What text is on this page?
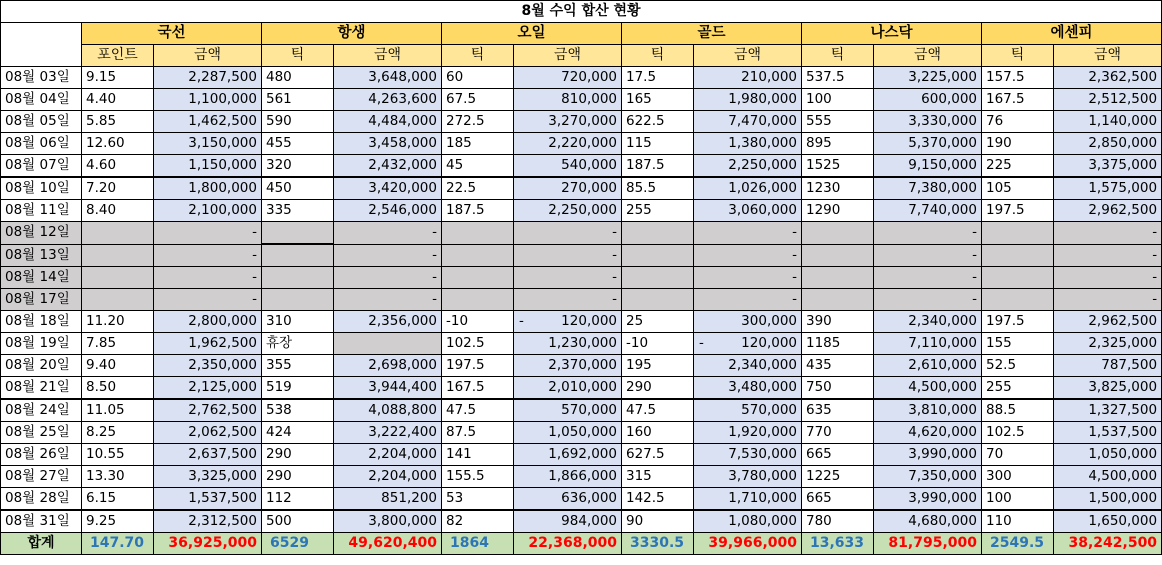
8월 수익 합산 현황												
	국선		항생		오일		골드		나스닥		에센피	
	포인트	금액	틱	금액	틱	금액	틱	금액	틱	금액	틱	금액
08월 03일	9.15	2,287,500	480	3,648,000	60	720,000	17.5	210,000	537.5	3,225,000	157.5	2,362,500
08월 04일	4.40	1,100,000	561	4,263,600	67.5	810,000	165	1,980,000	100	600,000	167.5	2,512,500
08월 05일	5.85	1,462,500	590	4,484,000	272.5	3,270,000	622.5	7,470,000	555	3,330,000	76	1,140,000
08월 06일	12.60	3,150,000	455	3,458,000	185	2,220,000	115	1,380,000	895	5,370,000	190	2,850,000
08월 07일	4.60	1,150,000	320	2,432,000	45	540,000	187.5	2,250,000	1525	9,150,000	225	3,375,000
08월 10일	7.20	1,800,000	450	3,420,000	22.5	270,000	85.5	1,026,000	1230	7,380,000	105	1,575,000
08월 11일	8.40	2,100,000	335	2,546,000	187.5	2,250,000	255	3,060,000	1290	7,740,000	197.5	2,962,500
08월 12일		-		-		-		-		-		-
08월 13일		-		-		-		-		-		-
08월 14일		-		-		-		-		-		-
08월 17일		-		-		-		-		-		-
08월 18일	11.20	2,800,000	310	2,356,000	-10	- 120,000	25	300,000	390	2,340,000	197.5	2,962,500
08월 19일	7.85	1,962,500	휴장		102.5	1,230,000	-10	- 120,000	1185	7,110,000	155	2,325,000
08월 20일	9.40	2,350,000	355	2,698,000	197.5	2,370,000	195	2,340,000	435	2,610,000	52.5	787,500
08월 21일	8.50	2,125,000	519	3,944,400	167.5	2,010,000	290	3,480,000	750	4,500,000	255	3,825,000
08월 24일	11.05	2,762,500	538	4,088,800	47.5	570,000	47.5	570,000	635	3,810,000	88.5	1,327,500
08월 25일	8.25	2,062,500	424	3,222,400	87.5	1,050,000	160	1,920,000	770	4,620,000	102.5	1,537,500
08월 26일	10.55	2,637,500	290	2,204,000	141	1,692,000	627.5	7,530,000	665	3,990,000	70	1,050,000
08월 27일	13.30	3,325,000	290	2,204,000	155.5	1,866,000	315	3,780,000	1225	7,350,000	300	4,500,000
08월 28일	6.15	1,537,500	112	851,200	53	636,000	142.5	1,710,000	665	3,990,000	100	1,500,000
08월 31일	9.25	2,312,500	500	3,800,000	82	984,000	90	1,080,000	780	4,680,000	110	1,650,000
합계	147.70	36,925,000	6529	49,620,400	1864	22,368,000	3330.5	39,966,000	13,633	81,795,000	2549.5	38,242,500
